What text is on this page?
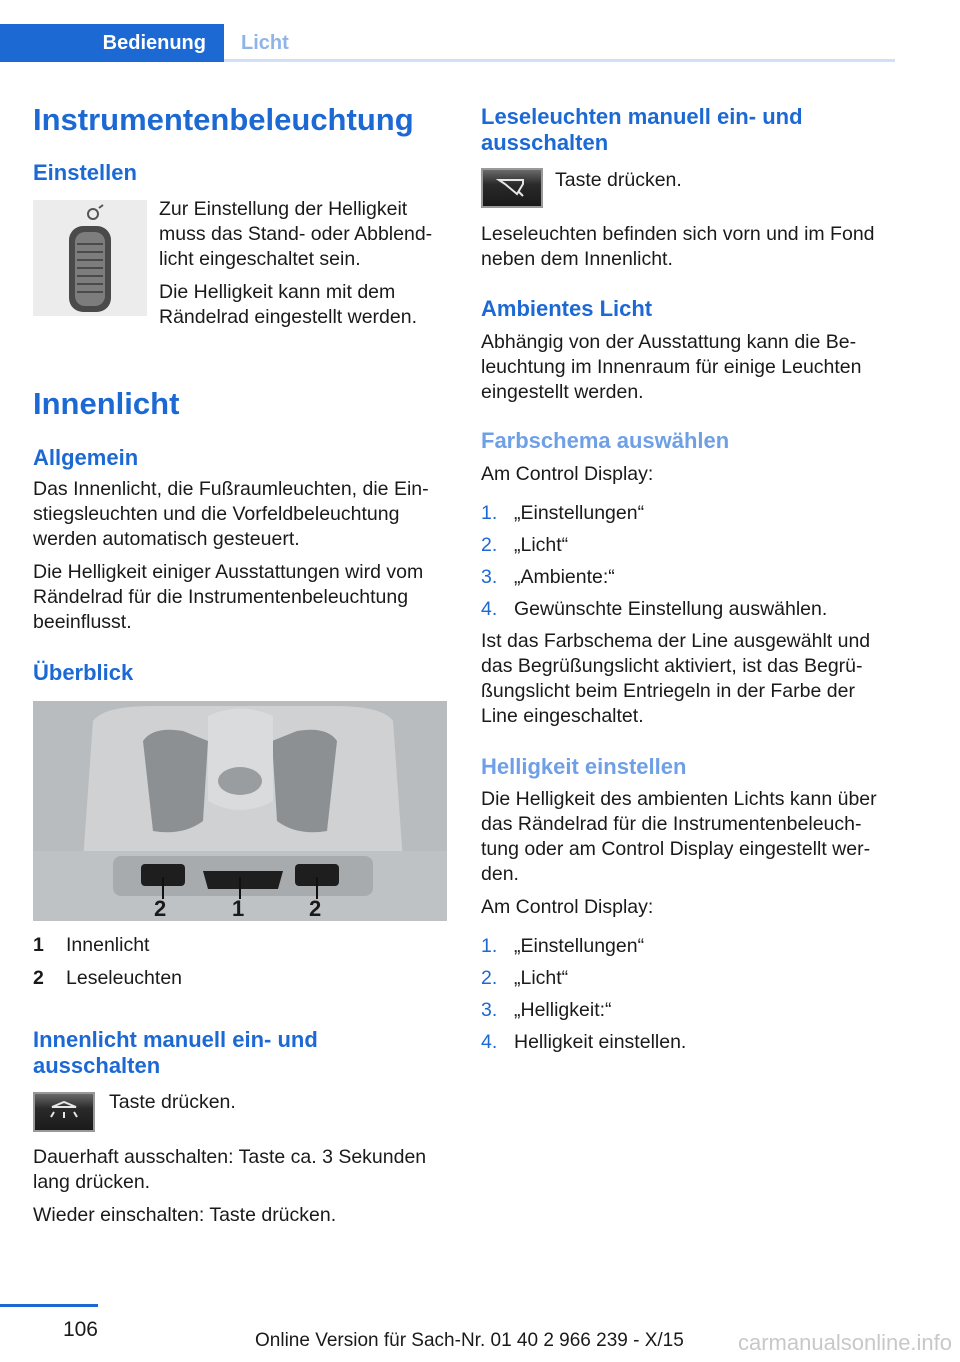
Bedienung	Licht
Instrumentenbeleuchtung
Einstellen
Zur Einstellung der Helligkeit
muss das Stand- oder Abblend-
licht eingeschaltet sein.
Die Helligkeit kann mit dem
Rändelrad eingestellt werden.
Innenlicht
Allgemein
Das Innenlicht, die Fußraumleuchten, die Ein-
stiegsleuchten und die Vorfeldbeleuchtung
werden automatisch gesteuert.
Die Helligkeit einiger Ausstattungen wird vom
Rändelrad für die Instrumentenbeleuchtung
beeinflusst.
Überblick
2	1	2
1 Innenlicht
2 Leseleuchten
Innenlicht manuell ein- und
ausschalten
Taste drücken.
Dauerhaft ausschalten: Taste ca. 3 Sekunden
lang drücken.
Wieder einschalten: Taste drücken.
Leseleuchten manuell ein- und
ausschalten
Taste drücken.
Leseleuchten befinden sich vorn und im Fond
neben dem Innenlicht.
Ambientes Licht
Abhängig von der Ausstattung kann die Be-
leuchtung im Innenraum für einige Leuchten
eingestellt werden.
Farbschema auswählen
Am Control Display:
1. „Einstellungen“
2. „Licht“
3. „Ambiente:“
4. Gewünschte Einstellung auswählen.
Ist das Farbschema der Line ausgewählt und
das Begrüßungslicht aktiviert, ist das Begrü-
ßungslicht beim Entriegeln in der Farbe der
Line eingeschaltet.
Helligkeit einstellen
Die Helligkeit des ambienten Lichts kann über
das Rändelrad für die Instrumentenbeleuch-
tung oder am Control Display eingestellt wer-
den.
Am Control Display:
1. „Einstellungen“
2. „Licht“
3. „Helligkeit:“
4. Helligkeit einstellen.
106	Online Version für Sach-Nr. 01 40 2 966 239 - X/15 carmanualsonline.info
